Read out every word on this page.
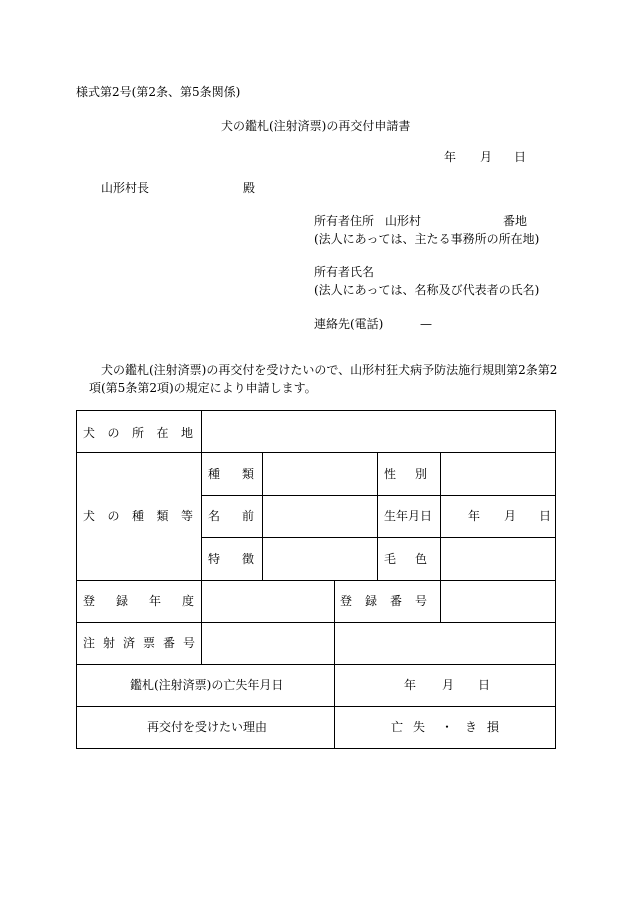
様式第2号(第2条、第5条関係)
犬の鑑札(注射済票)の再交付申請書
年 月 日
山形村長	殿
所有者住所 山形村	番地
(法人にあっては、主たる事務所の所在地)
所有者氏名
(法人にあっては、名称及び代表者の氏名)
連絡先(電話)	—
犬の鑑札(注射済票)の再交付を受けたいので、山形村狂犬病予防法施行規則第2条第2
項(第5条第2項)の規定により申請します。
犬の所在地
犬の種類等
種類	性別
名前	生年月日	年 月 日
特徴	毛色
登録年度	登録番号
注射済票番号
鑑札(注射済票)の亡失年月日	年 月 日
再交付を受けたい理由	亡失 ・ き損
